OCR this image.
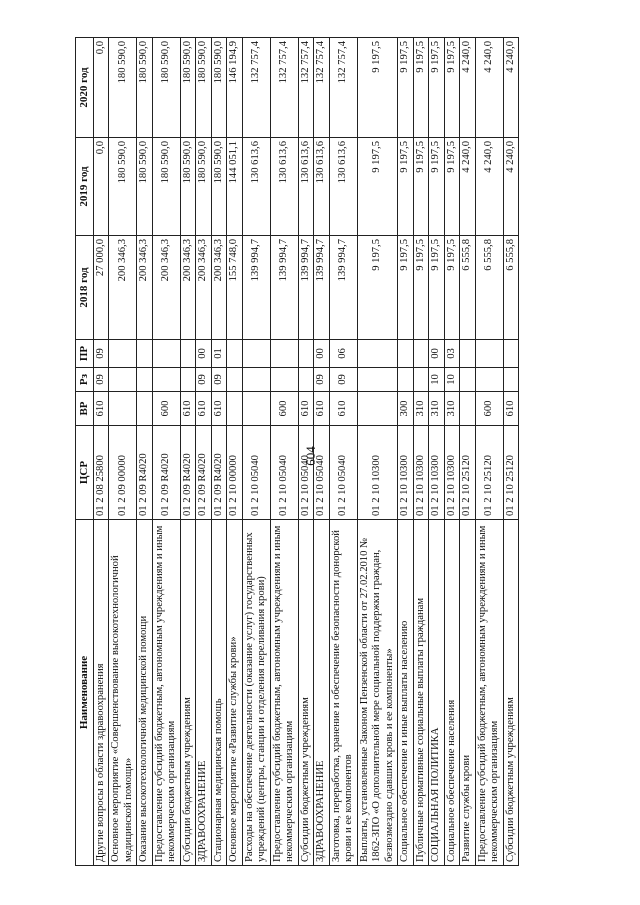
604
Наименование	ЦСР	ВР	Рз	ПР	2018 год	2019 год	2020 год
Другие вопросы в области здравоохранения	01 2 08 25800	610	09	09	27 000,0	0,0	0,0
Основное мероприятие «Совершенствование высокотехнологичной медицинской помощи»	01 2 09 00000				200 346,3	180 590,0	180 590,0
Оказание высокотехнологичной медицинской помощи	01 2 09 R4020				200 346,3	180 590,0	180 590,0
Предоставление субсидий бюджетным, автономным учреждениям и иным некоммерческим организациям	01 2 09 R4020	600			200 346,3	180 590,0	180 590,0
Субсидии бюджетным учреждениям	01 2 09 R4020	610			200 346,3	180 590,0	180 590,0
ЗДРАВООХРАНЕНИЕ	01 2 09 R4020	610	09	00	200 346,3	180 590,0	180 590,0
Стационарная медицинская помощь	01 2 09 R4020	610	09	01	200 346,3	180 590,0	180 590,0
Основное мероприятие «Развитие службы крови»	01 2 10 00000				155 748,0	144 051,1	146 194,9
Расходы на обеспечение деятельности (оказание услуг) государственных учреждений (центры, станции и отделения переливания крови)	01 2 10 05040				139 994,7	130 613,6	132 757,4
Предоставление субсидий бюджетным, автономным учреждениям и иным некоммерческим организациям	01 2 10 05040	600			139 994,7	130 613,6	132 757,4
Субсидии бюджетным учреждениям	01 2 10 05040	610			139 994,7	130 613,6	132 757,4
ЗДРАВООХРАНЕНИЕ	01 2 10 05040	610	09	00	139 994,7	130 613,6	132 757,4
Заготовка, переработка, хранение и обеспечение безопасности донорской крови и ее компонентов	01 2 10 05040	610	09	06	139 994,7	130 613,6	132 757,4
Выплаты, установленные Законом Пензенской области от 27.02.2010 № 1862-ЗПО «О дополнительной мере социальной поддержки граждан, безвозмездно сдавших кровь и ее компоненты»	01 2 10 10300				9 197,5	9 197,5	9 197,5
Социальное обеспечение и иные выплаты населению	01 2 10 10300	300			9 197,5	9 197,5	9 197,5
Публичные нормативные социальные выплаты гражданам	01 2 10 10300	310			9 197,5	9 197,5	9 197,5
СОЦИАЛЬНАЯ ПОЛИТИКА	01 2 10 10300	310	10	00	9 197,5	9 197,5	9 197,5
Социальное обеспечение населения	01 2 10 10300	310	10	03	9 197,5	9 197,5	9 197,5
Развитие службы крови	01 2 10 25120				6 555,8	4 240,0	4 240,0
Предоставление субсидий бюджетным, автономным учреждениям и иным некоммерческим организациям	01 2 10 25120	600			6 555,8	4 240,0	4 240,0
Субсидии бюджетным учреждениям	01 2 10 25120	610			6 555,8	4 240,0	4 240,0
